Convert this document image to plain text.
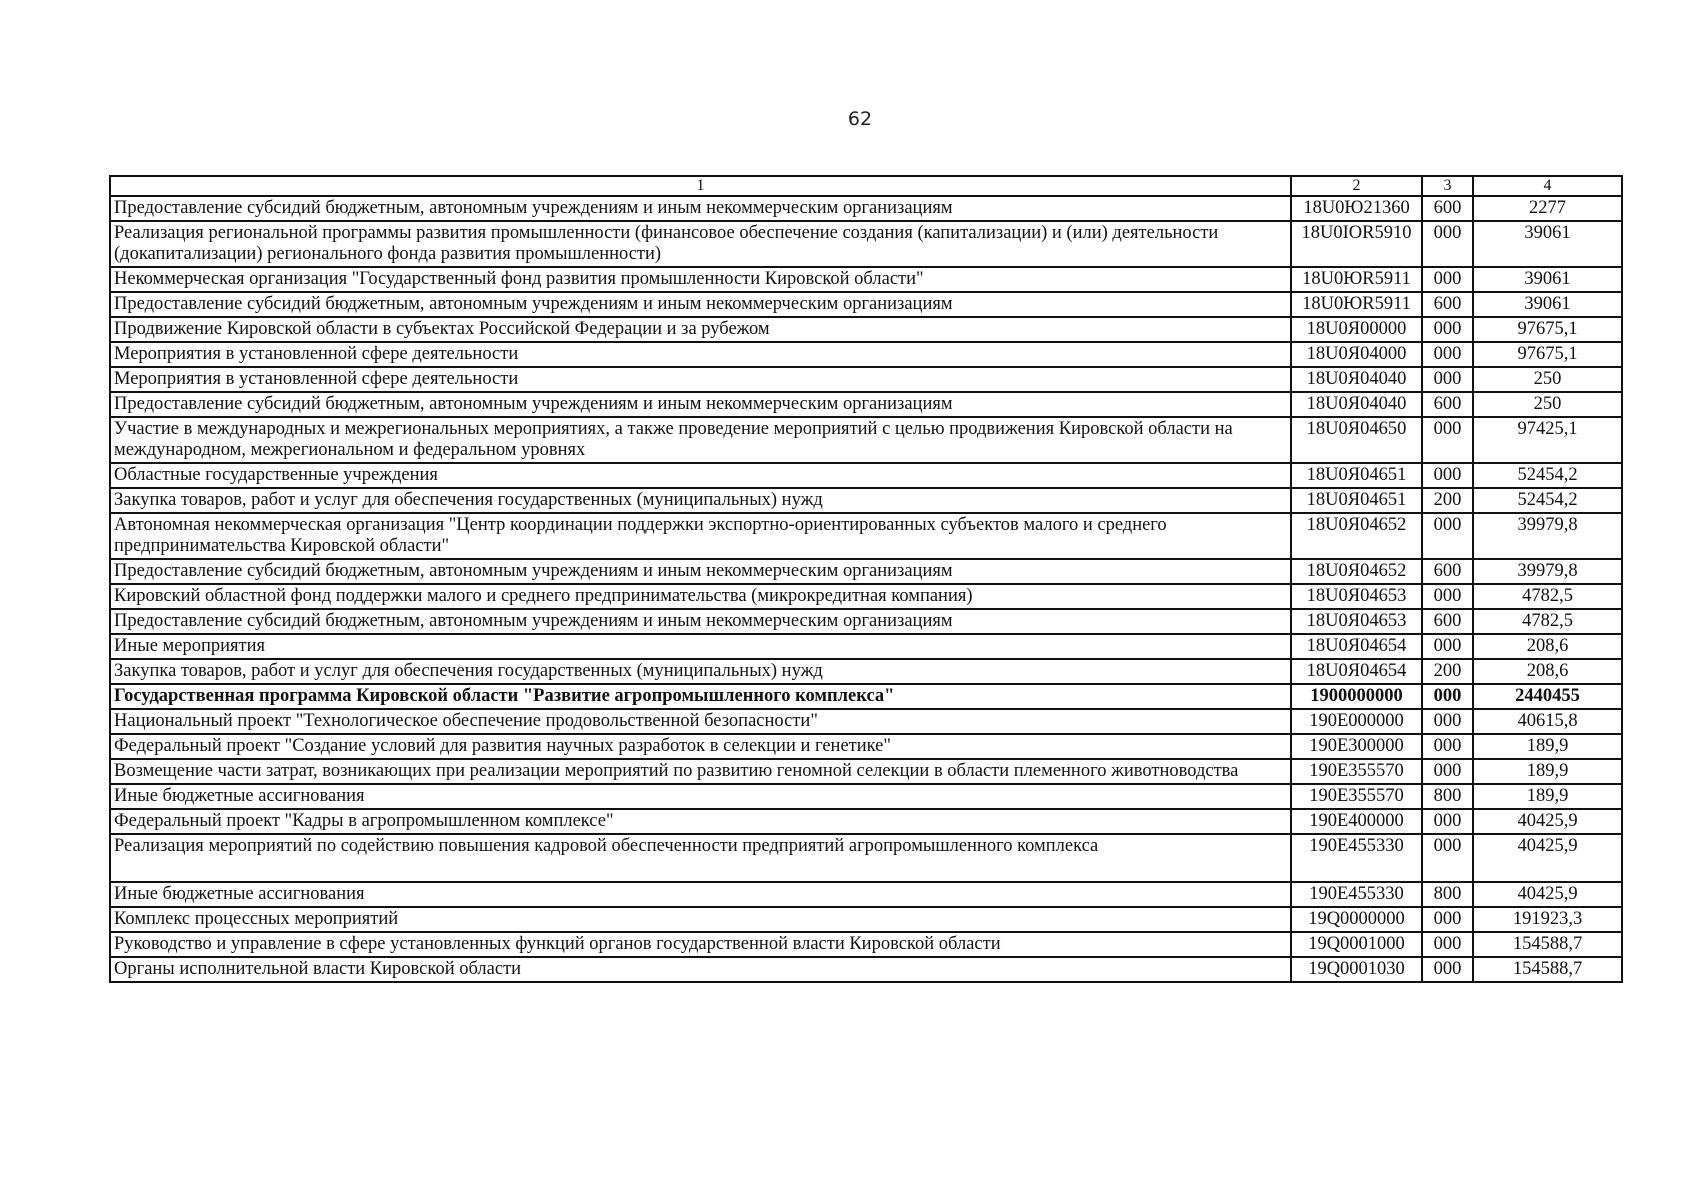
62
1	2	3	4
Предоставление субсидий бюджетным, автономным учреждениям и иным некоммерческим организациям	18U0Ю21360	600	2277
Реализация региональной программы развития промышленности (финансовое обеспечение создания (капитализации) и (или) деятельности (докапитализации) регионального фонда развития промышленности)	18U0IOR5910	000	39061
Некоммерческая организация "Государственный фонд развития промышленности Кировской области"	18U0ЮR5911	000	39061
Предоставление субсидий бюджетным, автономным учреждениям и иным некоммерческим организациям	18U0ЮR5911	600	39061
Продвижение Кировской области в субъектах Российской Федерации и за рубежом	18U0Я00000	000	97675,1
Мероприятия в установленной сфере деятельности	18U0Я04000	000	97675,1
Мероприятия в установленной сфере деятельности	18U0Я04040	000	250
Предоставление субсидий бюджетным, автономным учреждениям и иным некоммерческим организациям	18U0Я04040	600	250
Участие в международных и межрегиональных мероприятиях, а также проведение мероприятий с целью продвижения Кировской области на международном, межрегиональном и федеральном уровнях	18U0Я04650	000	97425,1
Областные государственные учреждения	18U0Я04651	000	52454,2
Закупка товаров, работ и услуг для обеспечения государственных (муниципальных) нужд	18U0Я04651	200	52454,2
Автономная некоммерческая организация "Центр координации поддержки экспортно-ориентированных субъектов малого и среднего предпринимательства Кировской области"	18U0Я04652	000	39979,8
Предоставление субсидий бюджетным, автономным учреждениям и иным некоммерческим организациям	18U0Я04652	600	39979,8
Кировский областной фонд поддержки малого и среднего предпринимательства (микрокредитная компания)	18U0Я04653	000	4782,5
Предоставление субсидий бюджетным, автономным учреждениям и иным некоммерческим организациям	18U0Я04653	600	4782,5
Иные мероприятия	18U0Я04654	000	208,6
Закупка товаров, работ и услуг для обеспечения государственных (муниципальных) нужд	18U0Я04654	200	208,6
Государственная программа Кировской области "Развитие агропромышленного комплекса"	1900000000	000	2440455
Национальный проект "Технологическое обеспечение продовольственной безопасности"	190E000000	000	40615,8
Федеральный проект "Создание условий для развития научных разработок в селекции и генетике"	190E300000	000	189,9
Возмещение части затрат, возникающих при реализации мероприятий по развитию геномной селекции в области племенного животноводства	190E355570	000	189,9
Иные бюджетные ассигнования	190E355570	800	189,9
Федеральный проект "Кадры в агропромышленном комплексе"	190E400000	000	40425,9
Реализация мероприятий по содействию повышения кадровой обеспеченности предприятий агропромышленного комплекса	190E455330	000	40425,9
Иные бюджетные ассигнования	190E455330	800	40425,9
Комплекс процессных мероприятий	19Q0000000	000	191923,3
Руководство и управление в сфере установленных функций органов государственной власти Кировской области	19Q0001000	000	154588,7
Органы исполнительной власти Кировской области	19Q0001030	000	154588,7
